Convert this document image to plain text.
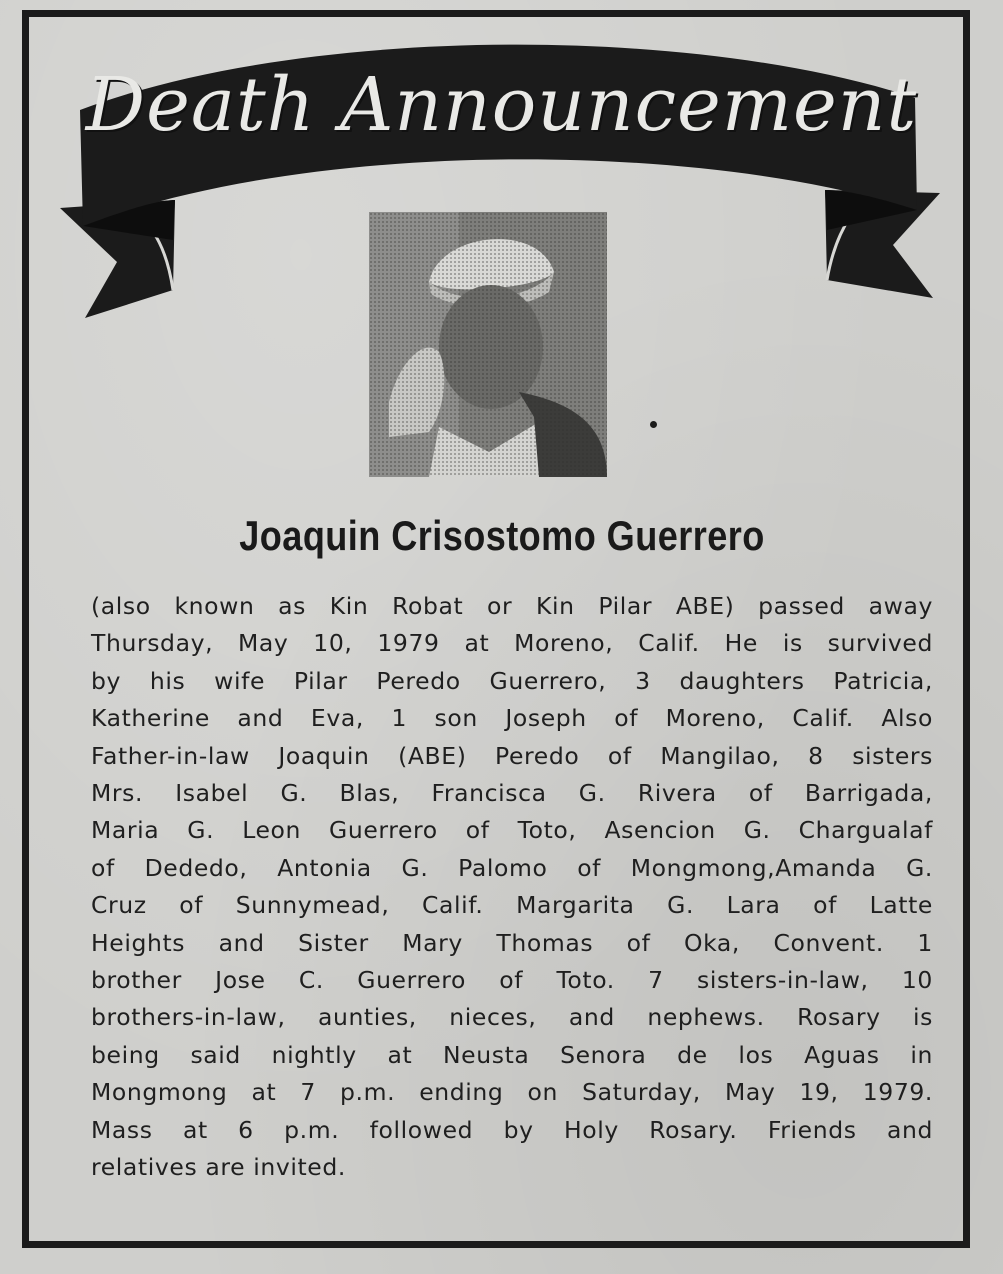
Death Announcement
Joaquin Crisostomo Guerrero
(also known as Kin Robat or Kin Pilar ABE) passed away
Thursday, May 10, 1979 at Moreno, Calif. He is survived
by his wife Pilar Peredo Guerrero, 3 daughters Patricia,
Katherine and Eva, 1 son Joseph of Moreno, Calif. Also
Father-in-law Joaquin (ABE) Peredo of Mangilao, 8 sisters
Mrs. Isabel G. Blas, Francisca G. Rivera of Barrigada,
Maria G. Leon Guerrero of Toto, Asencion G. Chargualaf
of Dededo, Antonia G. Palomo of Mongmong,Amanda G.
Cruz of Sunnymead, Calif. Margarita G. Lara of Latte
Heights and Sister Mary Thomas of Oka, Convent. 1
brother Jose C. Guerrero of Toto. 7 sisters-in-law, 10
brothers-in-law, aunties, nieces, and nephews. Rosary is
being said nightly at Neusta Senora de los Aguas in
Mongmong at 7 p.m. ending on Saturday, May 19, 1979.
Mass at 6 p.m. followed by Holy Rosary. Friends and
relatives are invited.
